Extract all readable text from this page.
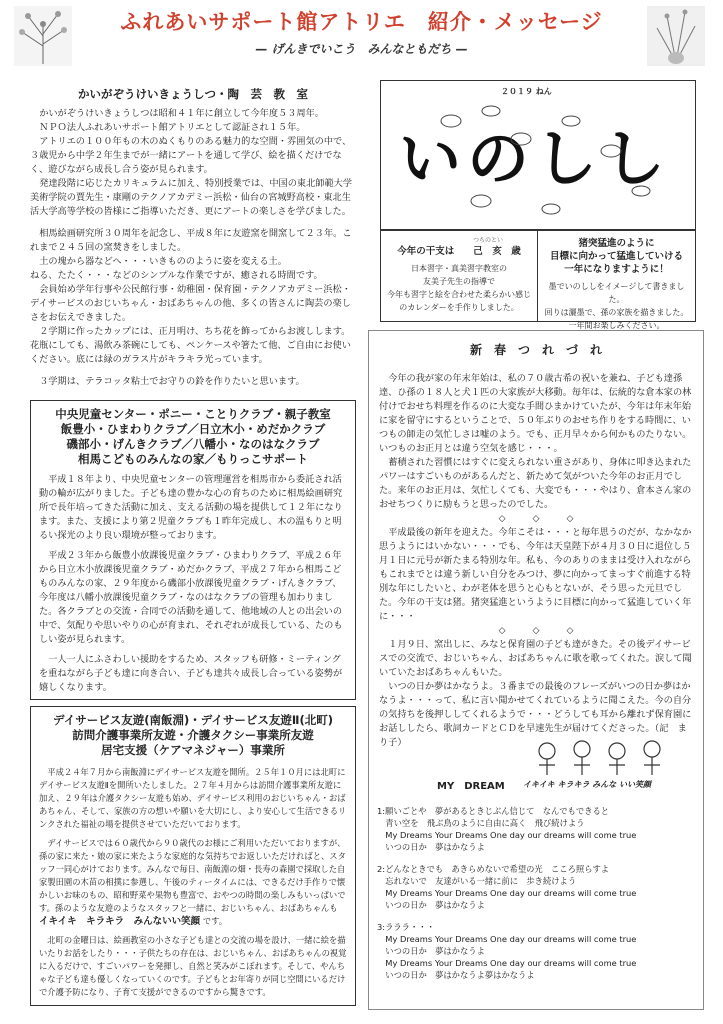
ふれあいサポート館アトリエ　紹介・メッセージ
— げんきでいこう　みんなともだち —
かいがぞうけいきょうしつ・陶　芸　教　室

かいがぞうけいきょうしつは昭和４１年に創立して今年度５３周年。

ＮＰＯ法人ふれあいサポート館アトリエとして認証され１５年。

アトリエの１００年もの木のぬくもりのある魅力的な空間・雰囲気の中で、３歳児から中学２年生までが一緒にアートを通して学び、絵を描くだけでなく、遊びながら成長し合う姿が見られます。

発達段階に応じたカリキュラムに加え、特別授業では、中国の東北師範大学美術学院の賈先生・康剛のテクノアカデミー浜松・仙台の宮城野高校・東北生活大学高等学校の皆様にご指導いただき、更にアートの楽しさを学びました。

相馬絵画研究所３０周年を記念し、平成８年に友遊窯を開窯して２３年。これまで２４５回の窯焚きをしました。

土の塊から器などへ・・・いきもののように姿を変える土。

ねる、たたく・・・などのシンプルな作業ですが、癒される時間です。

会員始め学年行事や公民館行事・幼稚園・保育園・テクノアカデミー浜松・デイサービスのおじいちゃん・おばあちゃんの他、多くの皆さんに陶芸の楽しさをお伝えできました。

２学期に作ったカップには、正月明け、ちち花を飾ってからお渡しします。花瓶にしても、湯飲み茶碗にしても、ペンケースや箸たて他、ご自由にお使いください。底には緑のガラス片がキラキラ光っています。

３学期は、テラコッタ粘土でお守りの鈴を作りたいと思います。

２０１９ ねん
いのしし
つちのとい
今年の干支は　　己　亥　歳
日本習字・真美習字教室の
友美子先生の指導で
今年も習字と絵を合わせた柔らかい感じ
のカレンダーを手作りしました。
猪突猛進のように
目標に向かって猛進していける
一年になりますように！
墨でいのししをイメージして書きました。
回りは灑墨で、孫の家族を描きました。
一年間お楽しみください。
中央児童センター・ポニー・ことりクラブ・親子教室
飯豊小・ひまわりクラブ／日立木小・めだかクラブ
磯部小・げんきクラブ／八幡小・なのはなクラブ
相馬こどものみんなの家／もりっこサポート

平成１８年より、中央児童センターの管理運営を相馬市から委託され活動の輪が広がりました。子ども達の豊かな心の育ちのために相馬絵画研究所で長年培ってきた活動に加え、支える活動の場を提供して１２年になります。また、支援により第２児童クラブも１昨年完成し、木の温もりと明るい探光のより良い環境が整っております。

平成２３年から飯豊小放課後児童クラブ・ひまわりクラブ、平成２６年から日立木小放課後児童クラブ・めだかクラブ、平成２７年から相馬こどものみんなの家、２９年度から磯部小放課後児童クラブ・げんきクラブ、今年度は八幡小放課後児童クラブ・なのはなクラブの管理も加わりました。各クラブとの交流・合同での活動を通して、他地域の人との出会いの中で、気配りや思いやりの心が育まれ、それぞれが成長している、たのもしい姿が見られます。

一人一人にふさわしい援助をするため、スタッフも研修・ミーティングを重ねながら子ども達に向き合い、子ども達共々成長し合っている姿勢が嬉しくなります。

デイサービス友遊(南飯淵)・デイサービス友遊Ⅱ(北町)
訪問介護事業所友遊・介護タクシー事業所友遊
居宅支援（ケアマネジャー）事業所

平成２４年７月から南飯淵にデイサービス友遊を開所。２５年１０月には北町にデイサービス友遊Ⅱを開所いたしました。２７年４月からは訪問介護事業所友遊に加え、２９年は介護タクシー友遊も始め、デイサービス利用のおじいちゃん・おばあちゃん、そして、家族の方の想いや願いを大切にし、より安心して生活できるリンクされた福祉の場を提供させていただいております。

デイサービスでは６０歳代から９０歳代のお様にご利用いただいておりますが、孫の家に来た・娘の家に来たような家庭的な気持ちでお返しいただければと、スタッフ一同心がけております。みんなで毎日、南飯淵の畑・長寿の森園で採取した自家製田園の木苗の相撲に参選し、午後のティータイムには、できるだけ手作りで懐かしいお味のもの、昭和野菜や果物も豊富で、おやつの時間の楽しみもいっぱいです。孫のような友遊のようなスタッフと一緒に、おじいちゃん、おばあちゃんも イキイキ　キラキラ　みんないい笑顔 です。

北町の金曜日は、絵画教室の小さな子ども達との交流の場を設け、一緒に絵を描いたりお話をしたり・・・子供たちの存在は、おじいちゃん、おばあちゃんの視覚に入るだけで、すごいパワーを発揮し、自然と笑みがこぼれます。そして、やんちゃな子ども達も優しくなっていくのです。子どもとお年寄りが同じ空間にいるだけで介護予防になり、子育て支援ができるのですから驚きです。

新　春　つ　れ　づ　れ

今年の我が家の年末年始は、私の７０歳古希の祝いを兼ね、子ども達孫達、ひ孫の１８人と犬１匹の大家族が大移動。毎年は、伝統的な倉本家の林付けでおせち料理を作るのに大変な手間ひまかけていたが、今年は年末年始に家を留守にするということで、５０年ぶりのおせち作りをする時間に、いつもの師走の気忙しさは嘘のよう。でも、正月早々から何かものたりない。いつものお正月とは違う空気を感じ・・・。

蓄積された習慣にはすぐに変えられない重さがあり、身体に叩き込まれたパワーはすごいものがあるんだと、新ためて気がついた今年のお正月でした。来年のお正月は、気忙しくても、大変でも・・・やはり、倉本さん家のおせちつくりに励もうと思ったのでした。

◇　　　◇　　　◇

平成最後の新年を迎えた。今年こそは・・・と毎年思うのだが、なかなか思うようにはいかない・・・でも、今年は天皇陛下が４月３０日に退位し５月１日に元号が新たまる特別な年。私も、今のありのままは受け入れながらもこれまでとは違う新しい自分をみつけ、夢に向かってまっすぐ前進する特別な年にしたいと、わが老体を思うと心もとないが、そう思った元旦でした。今年の干支は猪。猪突猛進というように目標に向かって猛進していく年に・・・

◇　　　◇　　　◇

１月９日、窯出しに、みなと保育園の子ども達がきた。その後デイサービスでの交流で、おじいちゃん、おばあちゃんに歌を歌ってくれた。涙して聞いていたおばあちゃんもいた。

いつの日か夢はかなうよ。３番までの最後のフレーズがいつの日か夢はかなうよ・・・って、私に言い聞かせてくれているように聞こえた。今の自分の気持ちを後押ししてくれるようで・・・どうしても耳から離れず保育園にお話ししたら、歌詞カードとＣＤを早速先生が届けてくださった。（記　まり子）

MY　DREAM イキイキ キラキラ みんな いい笑顔
1:願いごとや　夢があるときじぶん信じて　なんでもできると
　青い空を　飛ぶ鳥のように自由に高く　飛び続けよう
　My Dreams Your Dreams One day our dreams will come true
　いつの日か　夢はかなうよ
2:どんなときでも　あきらめないで希望の光　こころ照らすよ
　忘れないで　友達がいる一緒に前に　歩き続けよう
　My Dreams Your Dreams One day our dreams will come true
　いつの日か　夢はかなうよ
3:ラララ・・・
　My Dreams Your Dreams One day our dreams will come true
　いつの日か　夢はかなうよ
　My Dreams Your Dreams One day our dreams will come true
　いつの日か　夢はかなうよ夢はかなうよ
